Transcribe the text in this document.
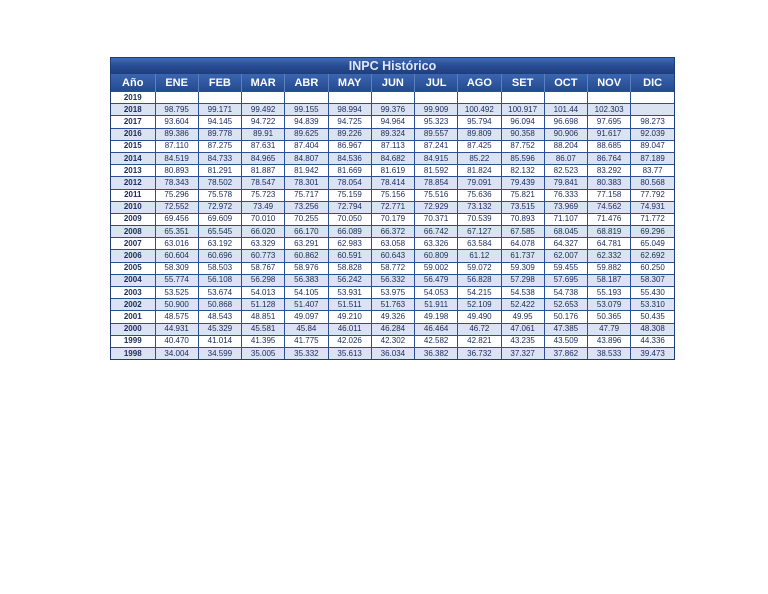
INPC Histórico
Año	ENE	FEB	MAR	ABR	MAY	JUN	JUL	AGO	SET	OCT	NOV	DIC
2019												
2018	98.795	99.171	99.492	99.155	98.994	99.376	99.909	100.492	100.917	101.44	102.303	
2017	93.604	94.145	94.722	94.839	94.725	94.964	95.323	95.794	96.094	96.698	97.695	98.273
2016	89.386	89.778	89.91	89.625	89.226	89.324	89.557	89.809	90.358	90.906	91.617	92.039
2015	87.110	87.275	87.631	87.404	86.967	87.113	87.241	87.425	87.752	88.204	88.685	89.047
2014	84.519	84.733	84.965	84.807	84.536	84.682	84.915	85.22	85.596	86.07	86.764	87.189
2013	80.893	81.291	81.887	81.942	81.669	81.619	81.592	81.824	82.132	82.523	83.292	83.77
2012	78.343	78.502	78.547	78.301	78.054	78.414	78.854	79.091	79.439	79.841	80.383	80.568
2011	75.296	75.578	75.723	75.717	75.159	75.156	75.516	75.636	75.821	76.333	77.158	77.792
2010	72.552	72.972	73.49	73.256	72.794	72.771	72.929	73.132	73.515	73.969	74.562	74.931
2009	69.456	69.609	70.010	70.255	70.050	70.179	70.371	70.539	70.893	71.107	71.476	71.772
2008	65.351	65.545	66.020	66.170	66.089	66.372	66.742	67.127	67.585	68.045	68.819	69.296
2007	63.016	63.192	63.329	63.291	62.983	63.058	63.326	63.584	64.078	64.327	64.781	65.049
2006	60.604	60.696	60.773	60.862	60.591	60.643	60.809	61.12	61.737	62.007	62.332	62.692
2005	58.309	58.503	58.767	58.976	58.828	58.772	59.002	59.072	59.309	59.455	59.882	60.250
2004	55.774	56.108	56.298	56.383	56.242	56.332	56.479	56.828	57.298	57.695	58.187	58.307
2003	53.525	53.674	54.013	54.105	53.931	53.975	54.053	54.215	54.538	54.738	55.193	55.430
2002	50.900	50.868	51.128	51.407	51.511	51.763	51.911	52.109	52.422	52.653	53.079	53.310
2001	48.575	48.543	48.851	49.097	49.210	49.326	49.198	49.490	49.95	50.176	50.365	50.435
2000	44.931	45.329	45.581	45.84	46.011	46.284	46.464	46.72	47.061	47.385	47.79	48.308
1999	40.470	41.014	41.395	41.775	42.026	42.302	42.582	42.821	43.235	43.509	43.896	44.336
1998	34.004	34.599	35.005	35.332	35.613	36.034	36.382	36.732	37.327	37.862	38.533	39.473
